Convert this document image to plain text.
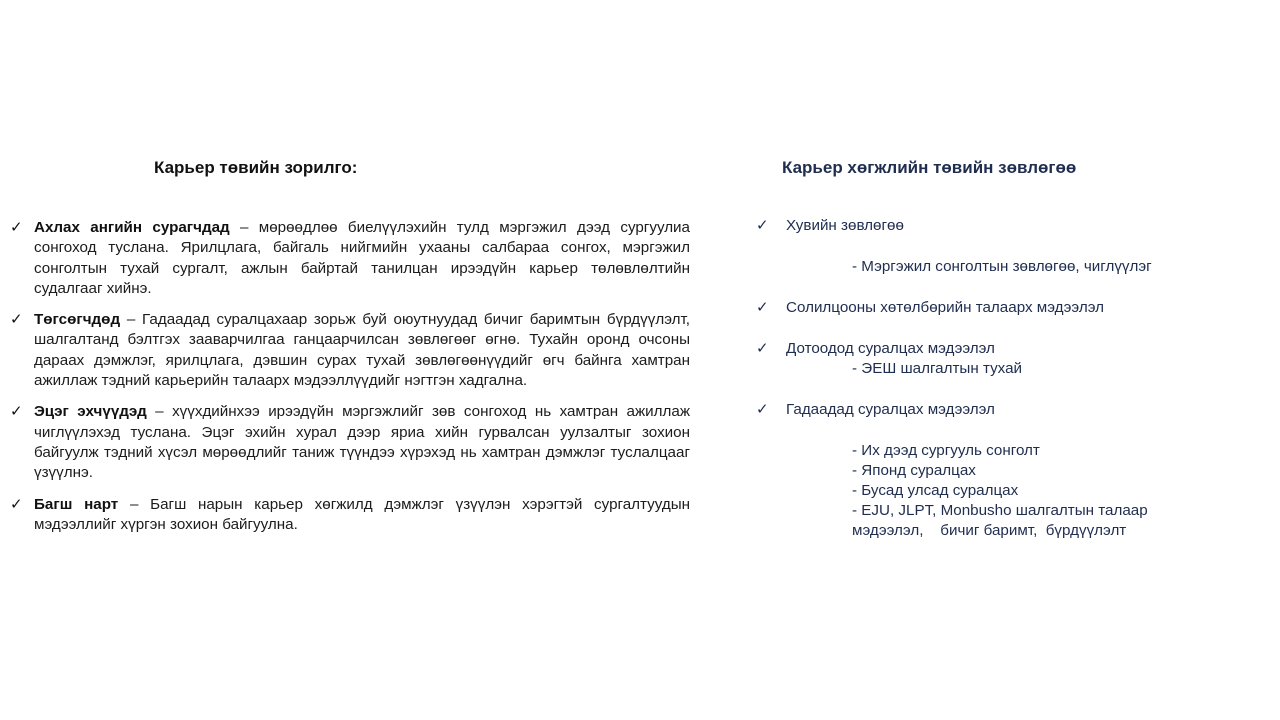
Карьер төвийн зорилго:
✓ Ахлах ангийн сурагчдад – мөрөөдлөө биелүүлэхийн тулд мэргэжил дээд сургуулиа сонгоход туслана. Ярилцлага, байгаль нийгмийн ухааны салбараа сонгох, мэргэжил сонголтын тухай сургалт, ажлын байртай танилцан ирээдүйн карьер төлөвлөлтийн судалгааг хийнэ.
✓ Төгсөгчдөд – Гадаадад суралцахаар зорьж буй оюутнуудад бичиг баримтын бүрдүүлэлт, шалгалтанд бэлтгэх зааварчилгаа ганцаарчилсан зөвлөгөөг өгнө. Тухайн оронд очсоны дараах дэмжлэг, ярилцлага, дэвшин сурах тухай зөвлөгөөнүүдийг өгч байнга хамтран ажиллаж тэдний карьерийн талаарх мэдээллүүдийг нэгтгэн хадгална.
✓ Эцэг эхчүүдэд – хүүхдийнхээ ирээдүйн мэргэжлийг зөв сонгоход нь хамтран ажиллаж чиглүүлэхэд туслана. Эцэг эхийн хурал дээр яриа хийн гурвалсан уулзалтыг зохион байгуулж тэдний хүсэл мөрөөдлийг таниж түүндээ хүрэхэд нь хамтран дэмжлэг туслалцааг үзүүлнэ.
✓ Багш нарт – Багш нарын карьер хөгжилд дэмжлэг үзүүлэн хэрэгтэй сургалтуудын мэдээллийг хүргэн зохион байгуулна.
Карьер хөгжлийн төвийн зөвлөгөө
✓	Хувийн зөвлөгөө
- Мэргэжил сонголтын зөвлөгөө, чиглүүлэг
✓	Солилцооны хөтөлбөрийн талаарх мэдээлэл
✓	Дотоодод суралцах мэдээлэл
- ЭЕШ шалгалтын тухай
✓	Гадаадад суралцах мэдээлэл
- Их дээд сургууль сонголт
- Японд суралцах
- Бусад улсад суралцах
- EJU, JLPT, Monbusho шалгалтын талаар
мэдээлэл,    бичиг баримт,  бүрдүүлэлт
